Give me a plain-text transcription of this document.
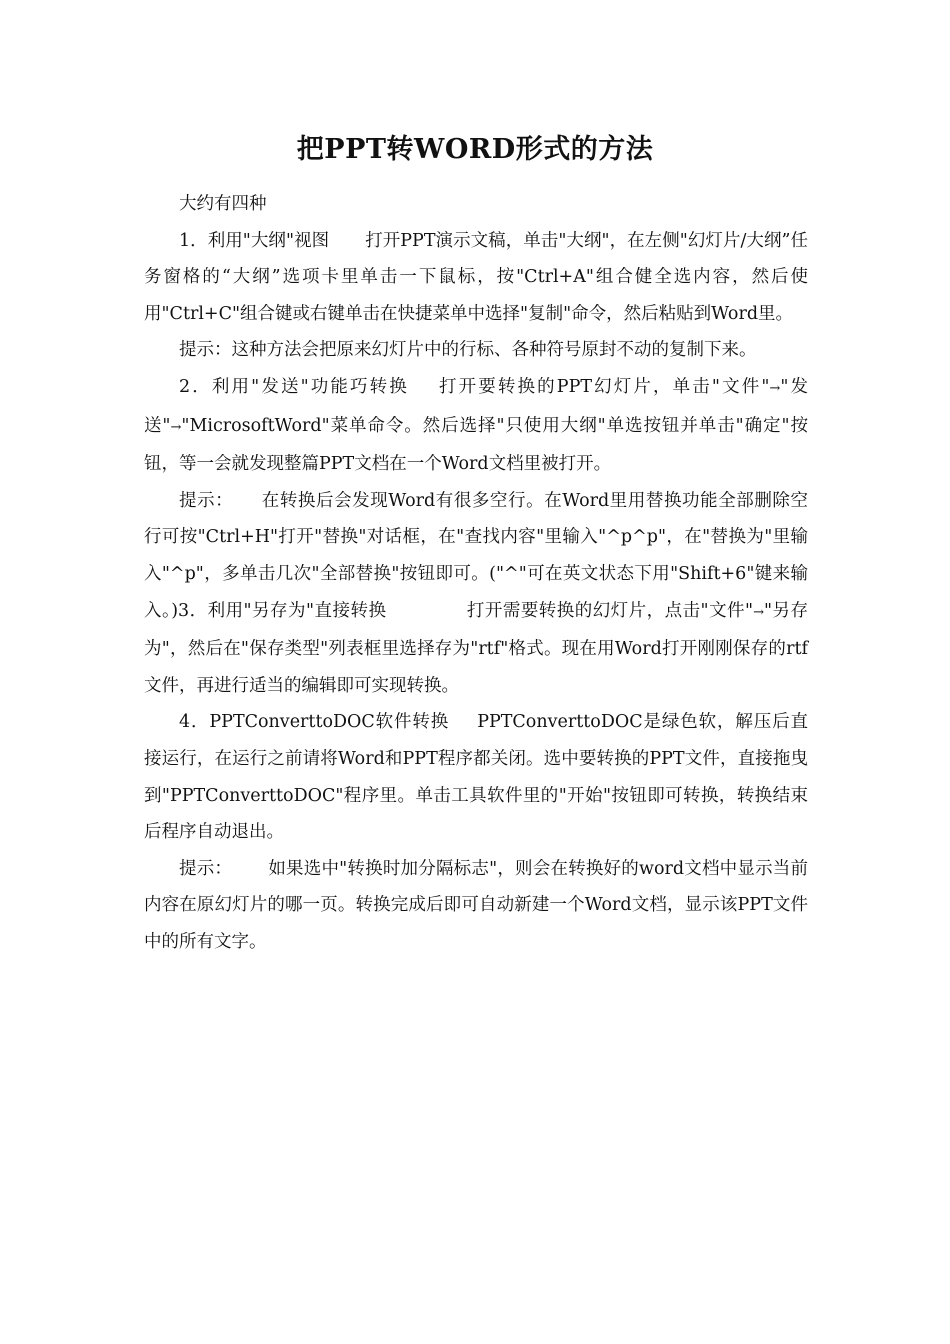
把PPT转WORD形式的方法

大约有四种

1．利用"大纲"视图 打开PPT演示文稿，单击"大纲"，在左侧"幻灯片/大纲”任务窗格的“大纲”选项卡里单击一下鼠标，按"Ctrl+A"组合健全选内容，然后使用"Ctrl+C"组合键或右键单击在快捷菜单中选择"复制"命令，然后粘贴到Word里。

提示：这种方法会把原来幻灯片中的行标、各种符号原封不动的复制下来。

2．利用"发送"功能巧转换 打开要转换的PPT幻灯片，单击"文件"→"发送"→"MicrosoftWord"菜单命令。然后选择"只使用大纲"单选按钮并单击"确定"按钮，等一会就发现整篇PPT文档在一个Word文档里被打开。

提示： 在转换后会发现Word有很多空行。在Word里用替换功能全部删除空行可按"Ctrl+H"打开"替换"对话框，在"查找内容"里输入"^p^p"，在"替换为"里输入"^p"，多单击几次"全部替换"按钮即可。("^"可在英文状态下用"Shift+6"键来输入。)3．利用"另存为"直接转换	打开需要转换的幻灯片，点击"文件"→"另存为"，然后在"保存类型"列表框里选择存为"rtf"格式。现在用Word打开刚刚保存的rtf文件，再进行适当的编辑即可实现转换。

4．PPTConverttoDOC软件转换 PPTConverttoDOC是绿色软，解压后直接运行，在运行之前请将Word和PPT程序都关闭。选中要转换的PPT文件，直接拖曳到"PPTConverttoDOC"程序里。单击工具软件里的"开始"按钮即可转换，转换结束后程序自动退出。

提示： 如果选中"转换时加分隔标志"，则会在转换好的word文档中显示当前内容在原幻灯片的哪一页。转换完成后即可自动新建一个Word文档，显示该PPT文件中的所有文字。
